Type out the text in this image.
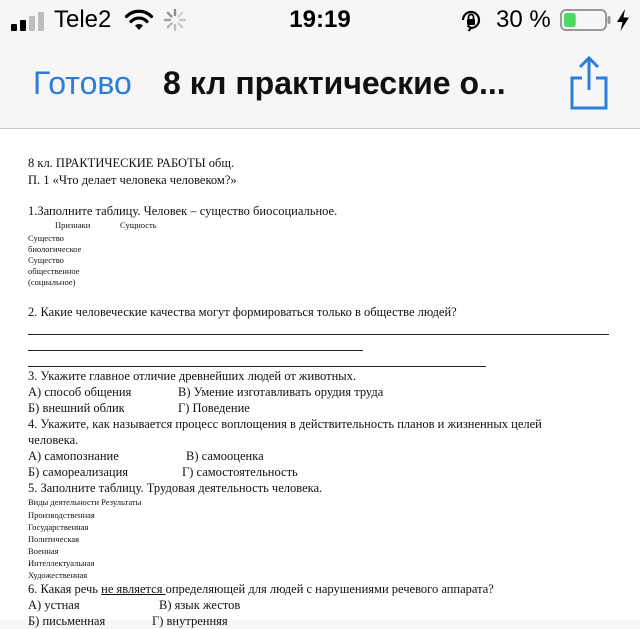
Tele2	19:19	30 %
Готово 8 кл практические о...
8 кл. ПРАКТИЧЕСКИЕ РАБОТЫ общ.
П. 1 «Что делает человека человеком?»
1.Заполните таблицу. Человек – существо биосоциальное.
Признаки	Сущность
Существо
биологическое
Существо
общественное
(социальное)
2. Какие человеческие качества могут формироваться только в обществе людей?
3. Укажите главное отличие древнейших людей от животных.
А) способ общения	В) Умение изготавливать орудия труда
Б) внешний облик	Г) Поведение
4. Укажите, как называется процесс воплощения в действительность планов и жизненных целей
человека.
А) самопознание	В) самооценка
Б) самореализация	Г) самостоятельность
5. Заполните таблицу. Трудовая деятельность человека.
Виды деятельности Результаты
Производственная
Государственная
Политическая
Военная
Интеллектуальная
Художественная
6. Какая речь не является определяющей для людей с нарушениями речевого аппарата?
А) устная	В) язык жестов
Б) письменная	Г) внутренняя
